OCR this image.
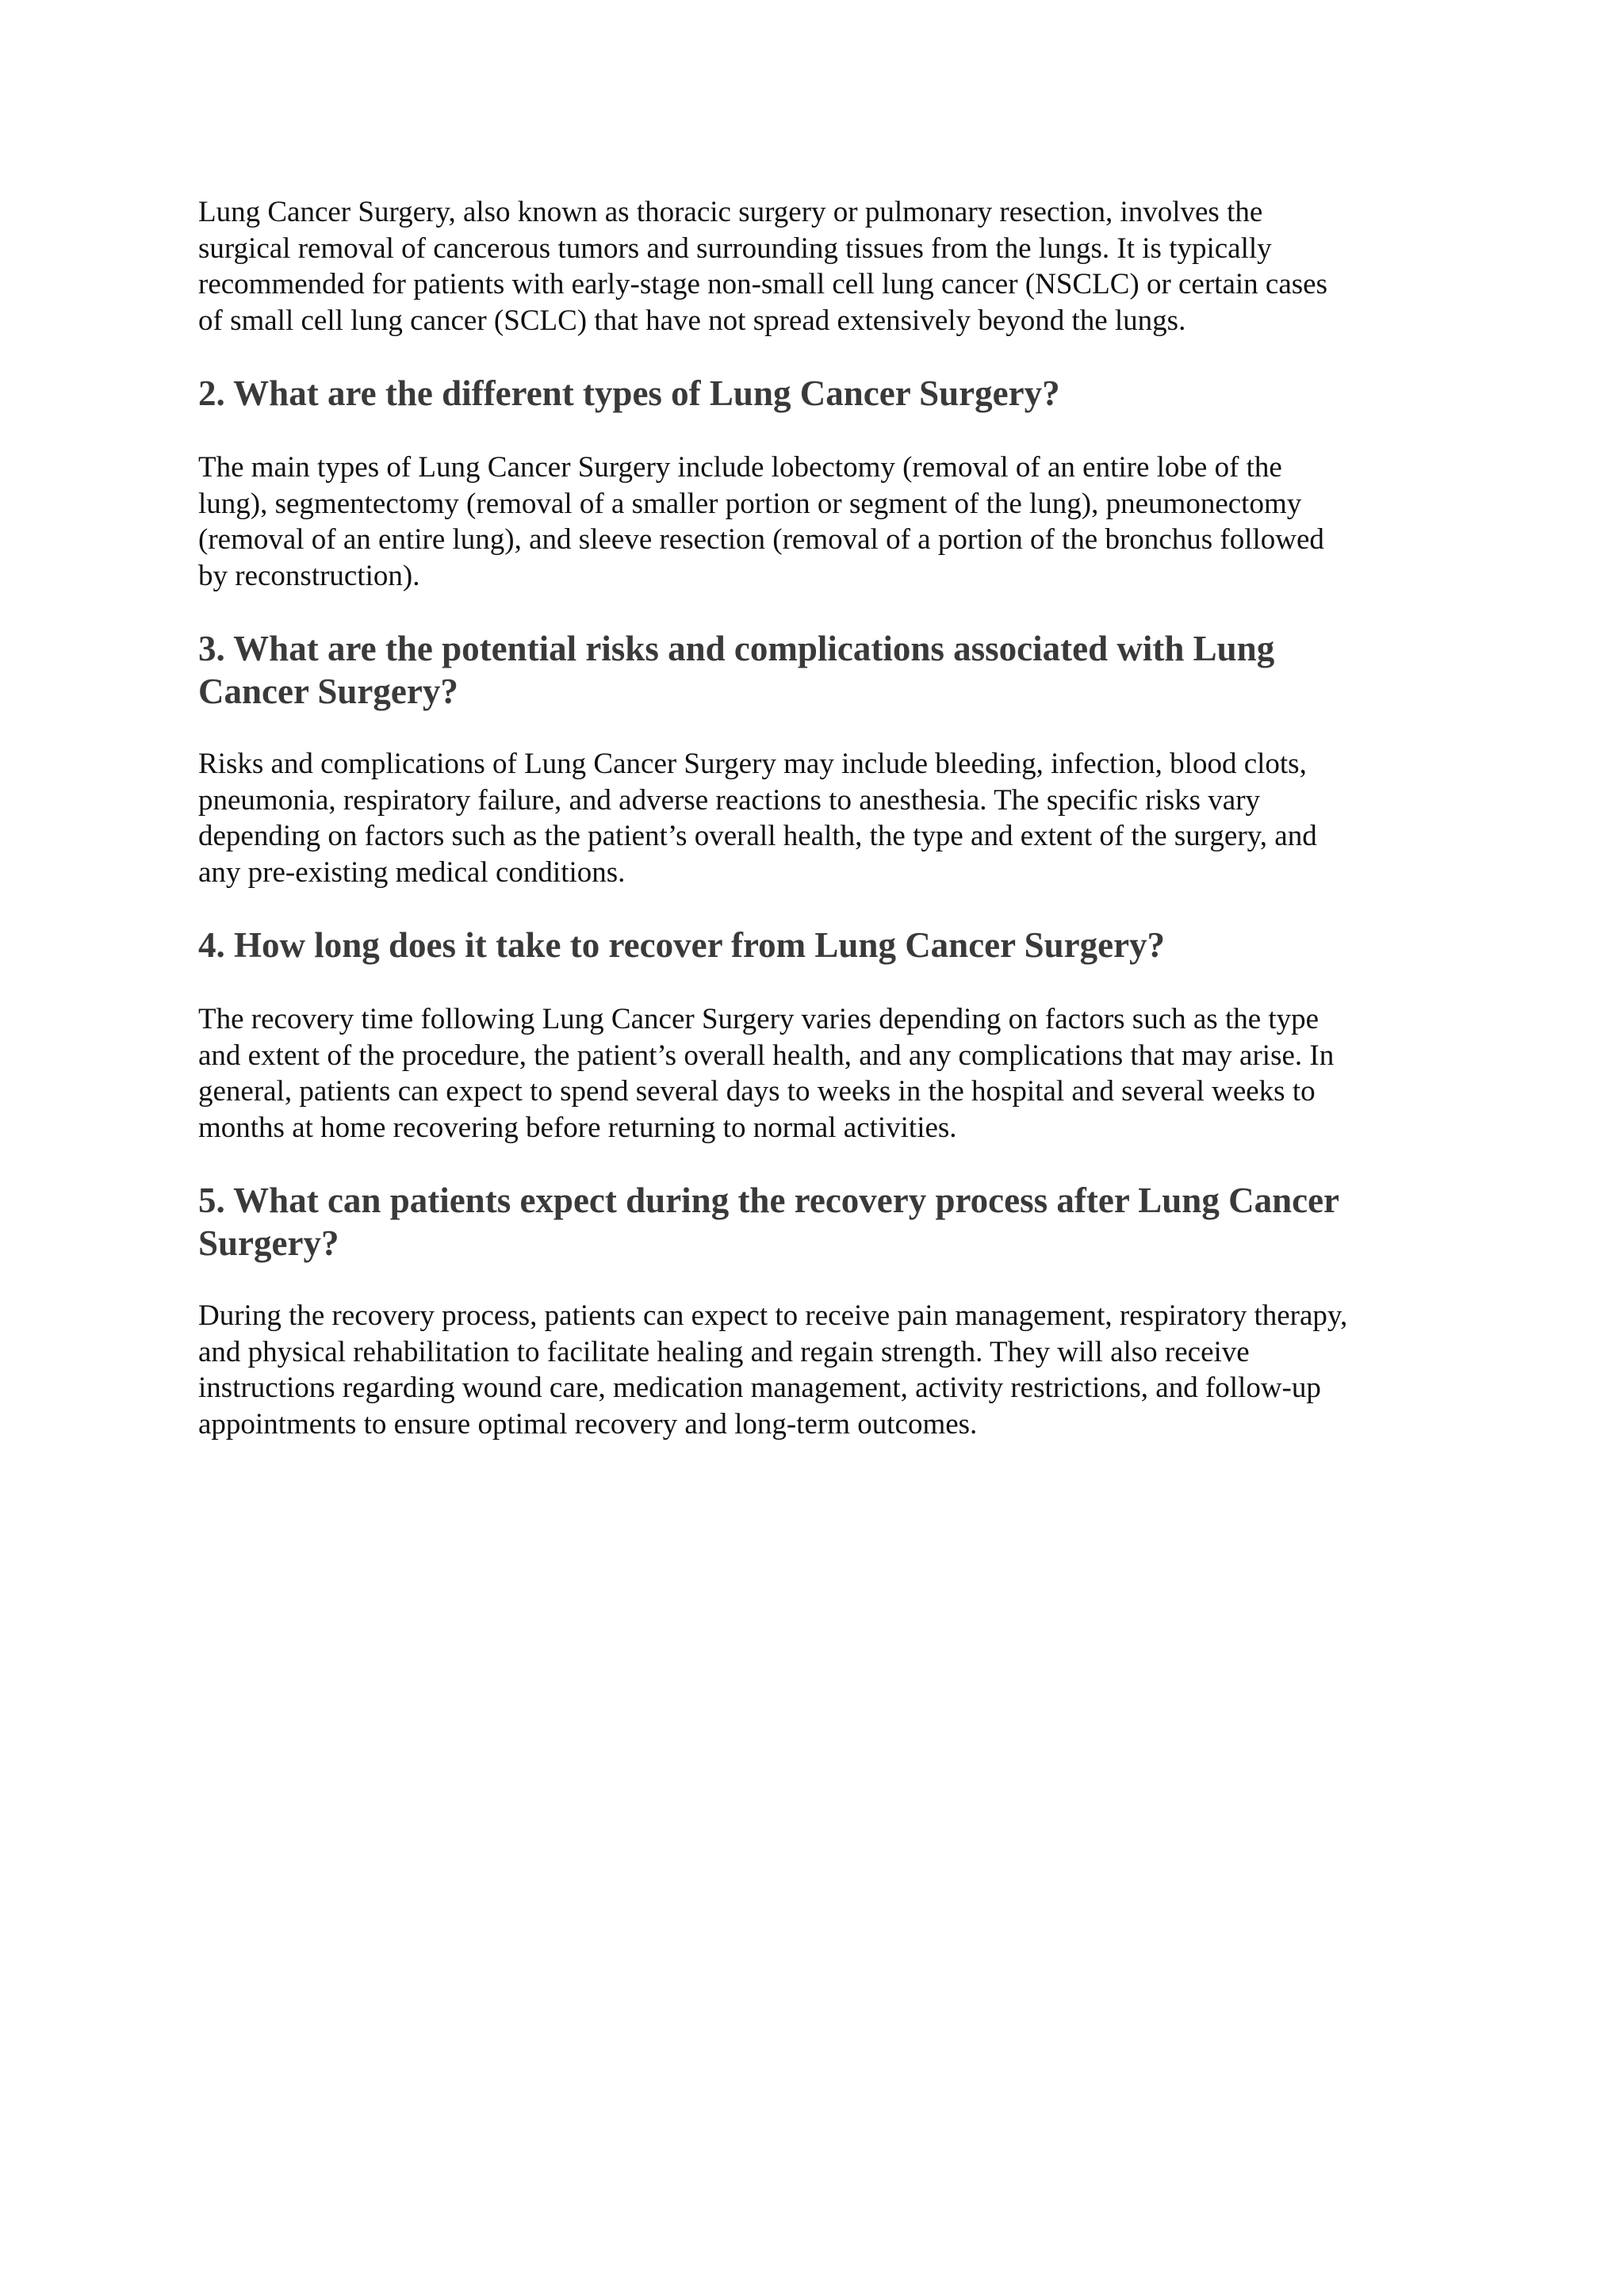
Lung Cancer Surgery, also known as thoracic surgery or pulmonary resection, involves the
surgical removal of cancerous tumors and surrounding tissues from the lungs. It is typically
recommended for patients with early-stage non-small cell lung cancer (NSCLC) or certain cases
of small cell lung cancer (SCLC) that have not spread extensively beyond the lungs.

2. What are the different types of Lung Cancer Surgery?

The main types of Lung Cancer Surgery include lobectomy (removal of an entire lobe of the
lung), segmentectomy (removal of a smaller portion or segment of the lung), pneumonectomy
(removal of an entire lung), and sleeve resection (removal of a portion of the bronchus followed
by reconstruction).

3. What are the potential risks and complications associated with Lung
Cancer Surgery?

Risks and complications of Lung Cancer Surgery may include bleeding, infection, blood clots,
pneumonia, respiratory failure, and adverse reactions to anesthesia. The specific risks vary
depending on factors such as the patient’s overall health, the type and extent of the surgery, and
any pre-existing medical conditions.

4. How long does it take to recover from Lung Cancer Surgery?

The recovery time following Lung Cancer Surgery varies depending on factors such as the type
and extent of the procedure, the patient’s overall health, and any complications that may arise. In
general, patients can expect to spend several days to weeks in the hospital and several weeks to
months at home recovering before returning to normal activities.

5. What can patients expect during the recovery process after Lung Cancer
Surgery?

During the recovery process, patients can expect to receive pain management, respiratory therapy,
and physical rehabilitation to facilitate healing and regain strength. They will also receive
instructions regarding wound care, medication management, activity restrictions, and follow-up
appointments to ensure optimal recovery and long-term outcomes.
